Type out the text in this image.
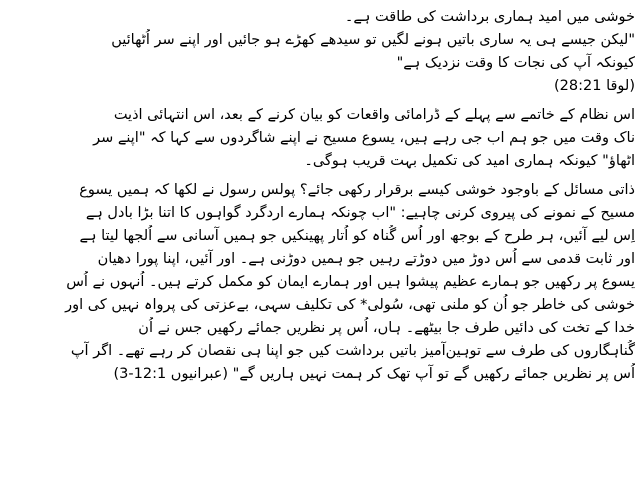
خوشی میں امید ہماری برداشت کی طاقت ہے۔
"لیکن جیسے ہی یہ ساری باتیں ہونے لگیں تو سیدھے کھڑے ہو جائیں اور اپنے سر اُٹھائیں
کیونکہ آپ کی نجات کا وقت نزدیک ہے"
(لوقا 28:21)
اس نظام کے خاتمے سے پہلے کے ڈرامائی واقعات کو بیان کرنے کے بعد، اس انتہائی اذیت
ناک وقت میں جو ہم اب جی رہے ہیں، یسوع مسیح نے اپنے شاگردوں سے کہا کہ "اپنے سر
اٹھاؤ" کیونکہ ہماری امید کی تکمیل بہت قریب ہوگی۔
ذاتی مسائل کے باوجود خوشی کیسے برقرار رکھی جائے؟ پولس رسول نے لکھا کہ ہمیں یسوع
مسیح کے نمونے کی پیروی کرنی چاہیے: "اب چونکہ ہمارے اردگرد گواہوں کا اتنا بڑا بادل ہے
اِس لیے آئیں، ہر طرح کے بوجھ اور اُس گُناہ کو اُتار پھینکیں جو ہمیں آسانی سے اُلجھا لیتا ہے
اور ثابت قدمی سے اُس دوڑ میں دوڑتے رہیں جو ہمیں دوڑنی ہے۔ اور آئیں، اپنا پورا دھیان
یسوع پر رکھیں جو ہمارے عظیم پیشوا ہیں اور ہمارے ایمان کو مکمل کرتے ہیں۔ اُنہوں نے اُس
خوشی کی خاطر جو اُن کو ملنی تھی، سُولی* کی تکلیف سہی، بےعزتی کی پرواہ نہیں کی اور
خدا کے تخت کی دائیں طرف جا بیٹھے۔ ہاں، اُس پر نظریں جمائے رکھیں جس نے اُن
گُناہگاروں کی طرف سے توہین‌آمیز باتیں برداشت کیں جو اپنا ہی نقصان کر رہے تھے۔ اگر آپ
اُس پر نظریں جمائے رکھیں گے تو آپ تھک کر ہمت نہیں ہاریں گے" (عبرانیوں 12:1-3)
